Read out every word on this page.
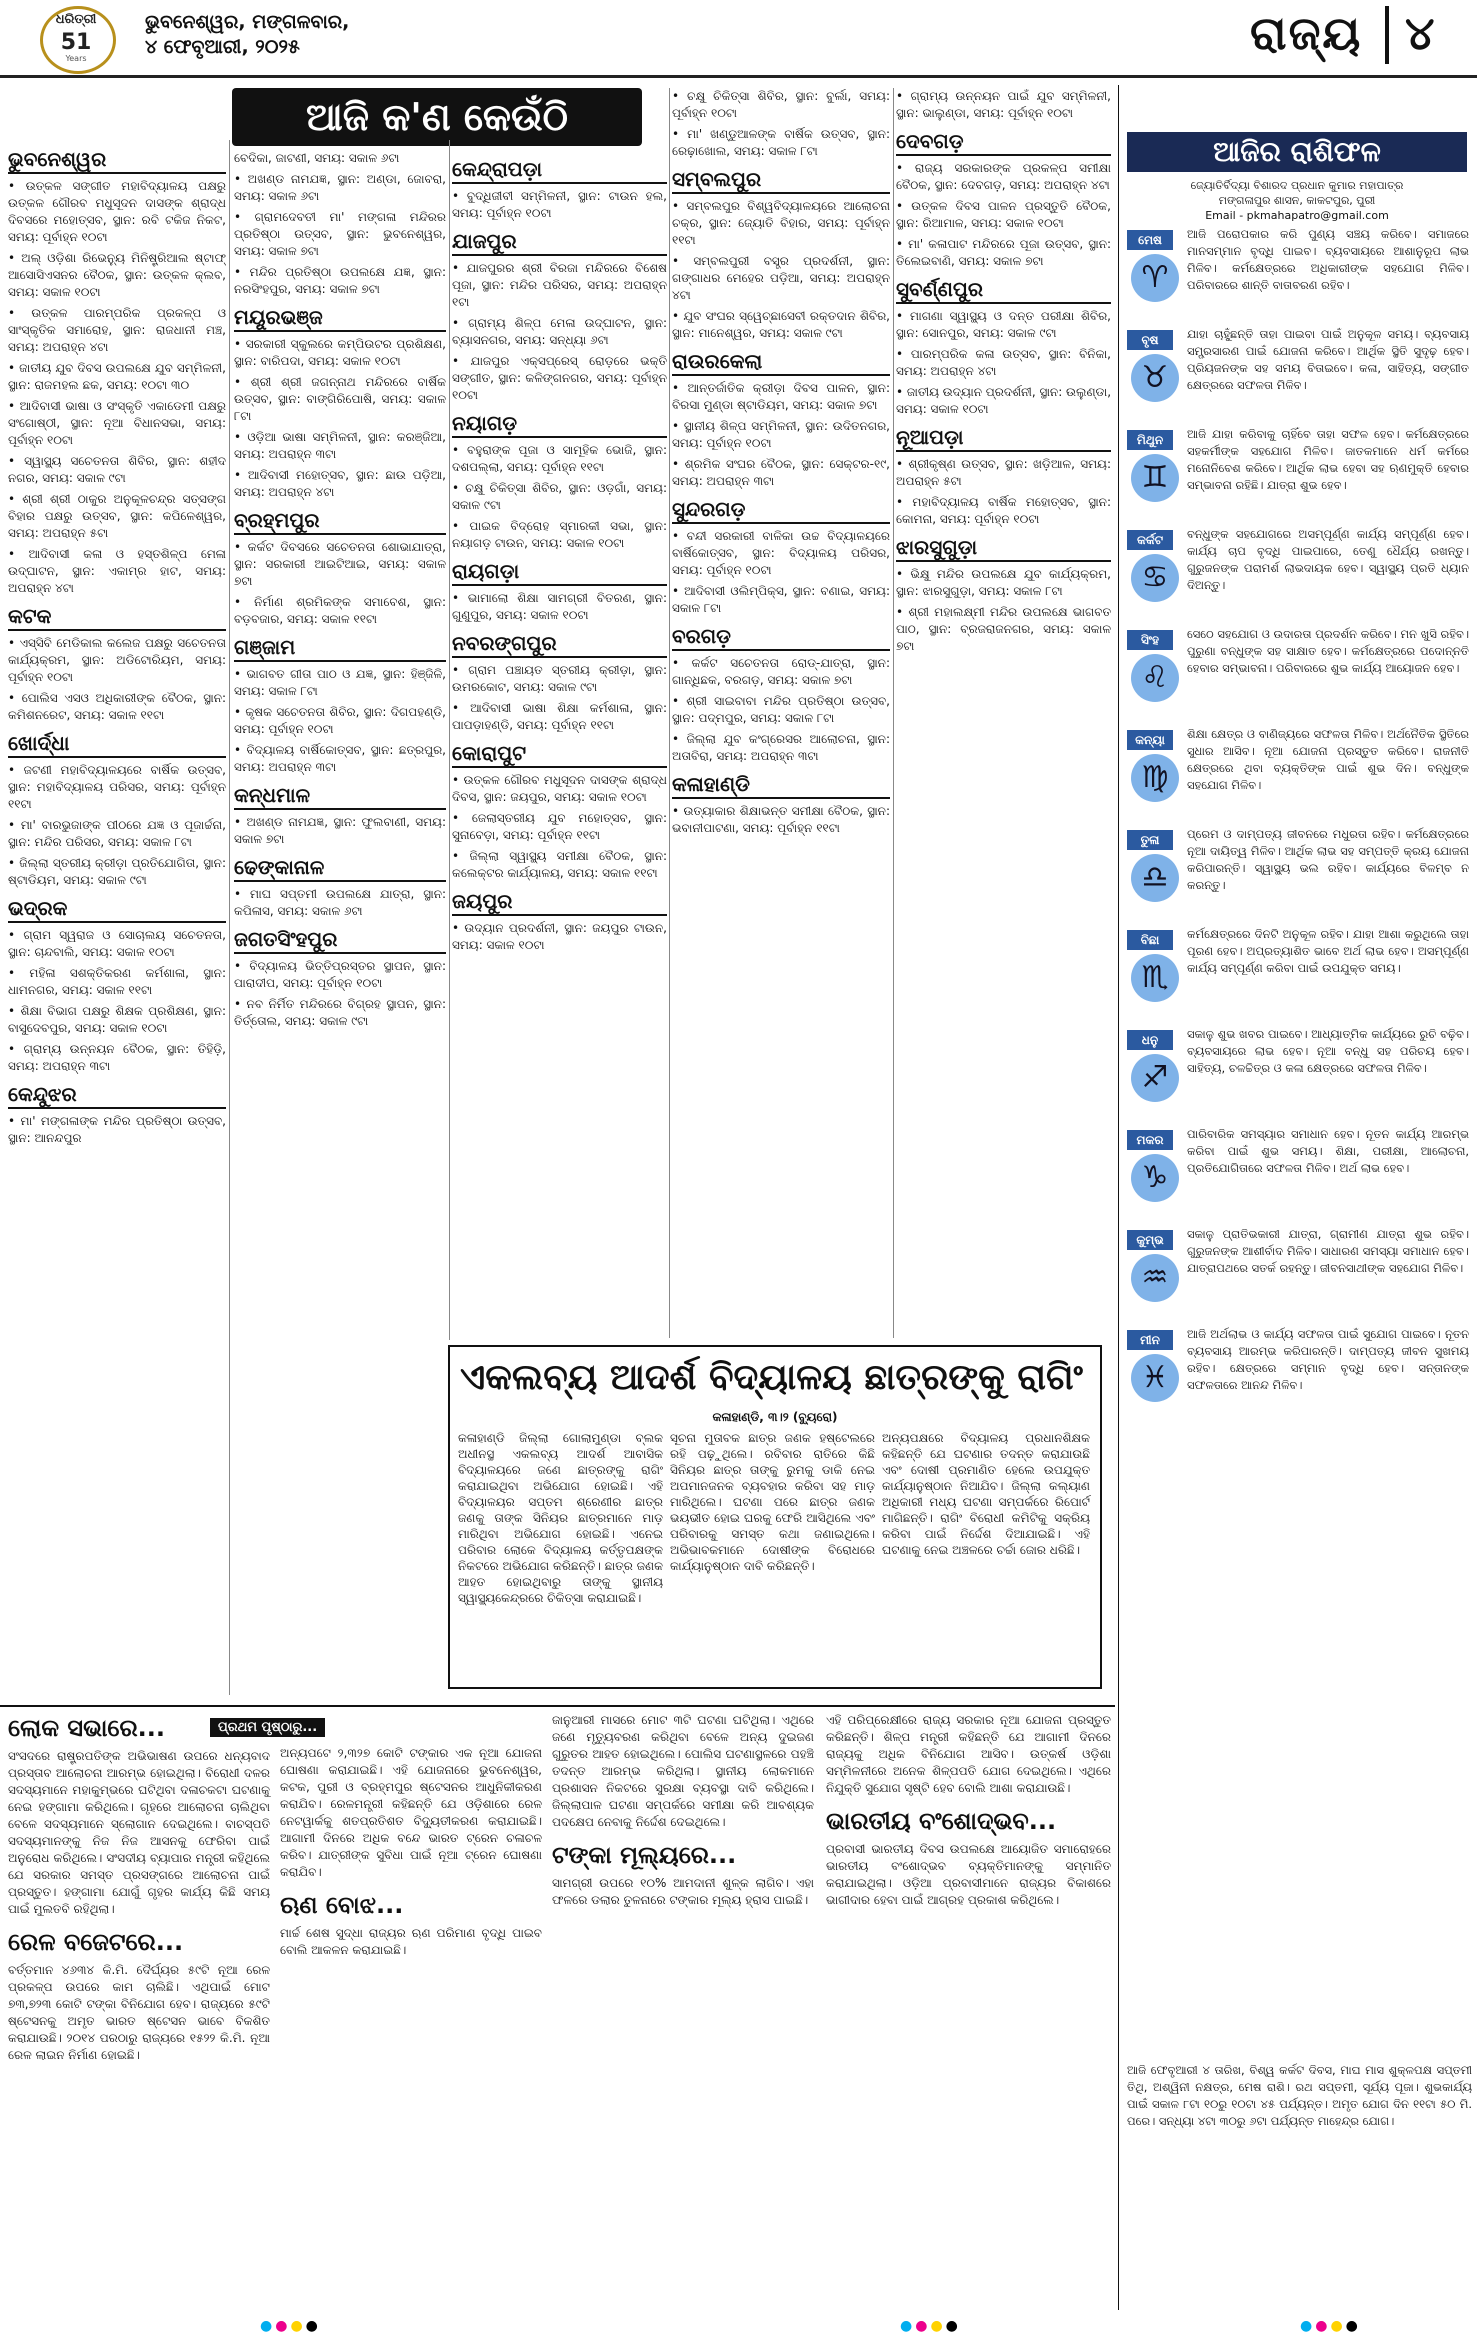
ଧରିତ୍ରୀ
51
Years
ଭୁବନେଶ୍ୱର, ମଙ୍ଗଳବାର,
୪ ଫେବୃଆରୀ, ୨୦୨୫	ରାଜ୍ୟ ୪
ଆଜି କ'ଣ କେଉଁଠି
ଭୁବନେଶ୍ୱର
• ଉତ୍କଳ ସଙ୍ଗୀତ ମହାବିଦ୍ୟାଳୟ ପକ୍ଷରୁ ଉତ୍କଳ ଗୌରବ ମଧୁସୂଦନ ଦାସଙ୍କ ଶ୍ରାଦ୍ଧ ଦିବସରେ ମହୋତ୍ସବ, ସ୍ଥାନ: ରବି ଟକିଜ ନିକଟ, ସମୟ: ପୂର୍ବାହ୍ନ ୧୦ଟା
• ଅଲ୍‌ ଓଡ଼ିଶା ରିଭେନ୍ୟୁ ମିନିଷ୍ଟ୍ରିଆଲ ଷ୍ଟାଫ୍‌ ଆସୋସିଏସନର ବୈଠକ, ସ୍ଥାନ: ଉତ୍କଳ କ୍ଲବ, ସମୟ: ସକାଳ ୧୦ଟା
• ଉତ୍କଳ ପାରମ୍ପରିକ ପ୍ରକଳ୍ପ ଓ ସାଂସ୍କୃତିକ ସମାରୋହ, ସ୍ଥାନ: ରାଜଧାନୀ ମଞ୍ଚ, ସମୟ: ଅପରାହ୍ନ ୪ଟା
• ଜାତୀୟ ଯୁବ ଦିବସ ଉପଲକ୍ଷେ ଯୁବ ସମ୍ମିଳନୀ, ସ୍ଥାନ: ରାଜମହଲ ଛକ, ସମୟ: ୧୦ଟା ୩୦
• ଆଦିବାସୀ ଭାଷା ଓ ସଂସ୍କୃତି ଏକାଡେମୀ ପକ୍ଷରୁ ସଂଗୋଷ୍ଠୀ, ସ୍ଥାନ: ନୂଆ ବିଧାନସଭା, ସମୟ: ପୂର୍ବାହ୍ନ ୧୦ଟା
• ସ୍ୱାସ୍ଥ୍ୟ ସଚେତନତା ଶିବିର, ସ୍ଥାନ: ଶହୀଦ ନଗର, ସମୟ: ସକାଳ ୯ଟା
• ଶ୍ରୀ ଶ୍ରୀ ଠାକୁର ଅନୁକୂଳଚନ୍ଦ୍ର ସତ୍ସଙ୍ଗ ବିହାର ପକ୍ଷରୁ ଉତ୍ସବ, ସ୍ଥାନ: କପିଳେଶ୍ୱର, ସମୟ: ଅପରାହ୍ନ ୫ଟା
• ଆଦିବାସୀ କଳା ଓ ହସ୍ତଶିଳ୍ପ ମେଳା ଉଦ୍‌ଘାଟନ, ସ୍ଥାନ: ଏକାମ୍ର ହାଟ, ସମୟ: ଅପରାହ୍ନ ୪ଟା
କଟକ
• ଏସ୍‌ସିବି ମେଡିକାଲ କଲେଜ ପକ୍ଷରୁ ସଚେତନତା କାର୍ଯ୍ୟକ୍ରମ, ସ୍ଥାନ: ଅଡିଟୋରିୟମ, ସମୟ: ପୂର୍ବାହ୍ନ ୧୦ଟା
• ପୋଲିସ ଏସଓ ଅଧିକାରୀଙ୍କ ବୈଠକ, ସ୍ଥାନ: କମିଶନରେଟ, ସମୟ: ସକାଳ ୧୧ଟା
ଖୋର୍ଦ୍ଧା
• ଜଟଣୀ ମହାବିଦ୍ୟାଳୟରେ ବାର୍ଷିକ ଉତ୍ସବ, ସ୍ଥାନ: ମହାବିଦ୍ୟାଳୟ ପରିସର, ସମୟ: ପୂର୍ବାହ୍ନ ୧୧ଟା
• ମା' ବାରଭୁଜାଙ୍କ ପୀଠରେ ଯଜ୍ଞ ଓ ପୂଜାର୍ଚ୍ଚନା, ସ୍ଥାନ: ମନ୍ଦିର ପରିସର, ସମୟ: ସକାଳ ୮ଟା
• ଜିଲ୍ଲା ସ୍ତରୀୟ କ୍ରୀଡ଼ା ପ୍ରତିଯୋଗିତା, ସ୍ଥାନ: ଷ୍ଟାଡିୟମ, ସମୟ: ସକାଳ ୯ଟା
ଭଦ୍ରକ
• ଗ୍ରାମ ସ୍ୱରାଜ ଓ ସୋଚାଲୟ ସଚେତନତା, ସ୍ଥାନ: ଚାନ୍ଦବାଲି, ସମୟ: ସକାଳ ୧୦ଟା
• ମହିଳା ସଶକ୍ତିକରଣ କର୍ମଶାଳା, ସ୍ଥାନ: ଧାମନଗର, ସମୟ: ସକାଳ ୧୧ଟା
• ଶିକ୍ଷା ବିଭାଗ ପକ୍ଷରୁ ଶିକ୍ଷକ ପ୍ରଶିକ୍ଷଣ, ସ୍ଥାନ: ବାସୁଦେବପୁର, ସମୟ: ସକାଳ ୧୦ଟା
• ଗ୍ରାମ୍ୟ ଉନ୍ନୟନ ବୈଠକ, ସ୍ଥାନ: ତିହିଡ଼ି, ସମୟ: ଅପରାହ୍ନ ୩ଟା
କେନ୍ଦୁଝର
• ମା' ମଙ୍ଗଳାଙ୍କ ମନ୍ଦିର ପ୍ରତିଷ୍ଠା ଉତ୍ସବ, ସ୍ଥାନ: ଆନନ୍ଦପୁର
ବେଦିକା, ଜାଟଣୀ, ସମୟ: ସକାଳ ୬ଟା
• ଅଖଣ୍ଡ ନାମଯଜ୍ଞ, ସ୍ଥାନ: ଅଣ୍ଡା, ଜୋବରା, ସମୟ: ସକାଳ ୬ଟା
• ଗ୍ରାମଦେବତୀ ମା' ମଙ୍ଗଳା ମନ୍ଦିରର ପ୍ରତିଷ୍ଠା ଉତ୍ସବ, ସ୍ଥାନ: ଭୁବନେଶ୍ୱର, ସମୟ: ସକାଳ ୭ଟା
• ମନ୍ଦିର ପ୍ରତିଷ୍ଠା ଉପଲକ୍ଷେ ଯଜ୍ଞ, ସ୍ଥାନ: ନରସିଂହପୁର, ସମୟ: ସକାଳ ୭ଟା
ମୟୂରଭଞ୍ଜ
• ସରକାରୀ ସ୍କୁଲରେ କମ୍ପିଉଟର ପ୍ରଶିକ୍ଷଣ, ସ୍ଥାନ: ବାରିପଦା, ସମୟ: ସକାଳ ୧୦ଟା
• ଶ୍ରୀ ଶ୍ରୀ ଜଗନ୍ନାଥ ମନ୍ଦିରରେ ବାର୍ଷିକ ଉତ୍ସବ, ସ୍ଥାନ: ବାଙ୍ଗିରିପୋଷି, ସମୟ: ସକାଳ ୮ଟା
• ଓଡ଼ିଆ ଭାଷା ସମ୍ମିଳନୀ, ସ୍ଥାନ: କରଞ୍ଜିଆ, ସମୟ: ଅପରାହ୍ନ ୩ଟା
• ଆଦିବାସୀ ମହୋତ୍ସବ, ସ୍ଥାନ: ଛାଉ ପଡ଼ିଆ, ସମୟ: ଅପରାହ୍ନ ୪ଟା
ବ୍ରହ୍ମପୁର
• କର୍କଟ ଦିବସରେ ସଚେତନତା ଶୋଭାଯାତ୍ରା, ସ୍ଥାନ: ସରକାରୀ ଆଇଟିଆଇ, ସମୟ: ସକାଳ ୭ଟା
• ନିର୍ମାଣ ଶ୍ରମିକଙ୍କ ସମାବେଶ, ସ୍ଥାନ: ବଡ଼ବଜାର, ସମୟ: ସକାଳ ୧୧ଟା
ଗଞ୍ଜାମ
• ଭାଗବତ ଗୀତା ପାଠ ଓ ଯଜ୍ଞ, ସ୍ଥାନ: ହିଞ୍ଜିଳି, ସମୟ: ସକାଳ ୮ଟା
• କୃଷକ ସଚେତନତା ଶିବିର, ସ୍ଥାନ: ଦିଗପହଣ୍ଡି, ସମୟ: ପୂର୍ବାହ୍ନ ୧୦ଟା
• ବିଦ୍ୟାଳୟ ବାର୍ଷିକୋତ୍ସବ, ସ୍ଥାନ: ଛତ୍ରପୁର, ସମୟ: ଅପରାହ୍ନ ୩ଟା
କନ୍ଧମାଳ
• ଅଖଣ୍ଡ ନାମଯଜ୍ଞ, ସ୍ଥାନ: ଫୁଲବାଣୀ, ସମୟ: ସକାଳ ୭ଟା
ଢେଙ୍କାନାଳ
• ମାଘ ସପ୍ତମୀ ଉପଲକ୍ଷେ ଯାତ୍ରା, ସ୍ଥାନ: କପିଳାସ, ସମୟ: ସକାଳ ୬ଟା
ଜଗତସିଂହପୁର
• ବିଦ୍ୟାଳୟ ଭିତ୍ତିପ୍ରସ୍ତର ସ୍ଥାପନ, ସ୍ଥାନ: ପାରାଦୀପ, ସମୟ: ପୂର୍ବାହ୍ନ ୧୦ଟା
• ନବ ନିର୍ମିତ ମନ୍ଦିରରେ ବିଗ୍ରହ ସ୍ଥାପନ, ସ୍ଥାନ: ତିର୍ତ୍ତୋଲ, ସମୟ: ସକାଳ ୯ଟା
କେନ୍ଦ୍ରାପଡ଼ା
• ବୁଦ୍ଧିଜୀବୀ ସମ୍ମିଳନୀ, ସ୍ଥାନ: ଟାଉନ ହଲ, ସମୟ: ପୂର୍ବାହ୍ନ ୧୦ଟା
ଯାଜପୁର
• ଯାଜପୁରର ଶ୍ରୀ ବିରଜା ମନ୍ଦିରରେ ବିଶେଷ ପୂଜା, ସ୍ଥାନ: ମନ୍ଦିର ପରିସର, ସମୟ: ଅପରାହ୍ନ ୧ଟା
• ଗ୍ରାମ୍ୟ ଶିଳ୍ପ ମେଳା ଉଦ୍‌ଘାଟନ, ସ୍ଥାନ: ବ୍ୟାସନଗର, ସମୟ: ସନ୍ଧ୍ୟା ୬ଟା
• ଯାଜପୁର ଏକ୍ସପ୍ରେସ୍‌ ରୋଡ଼ରେ ଭକ୍ତି ସଙ୍ଗୀତ, ସ୍ଥାନ: କଳିଙ୍ଗନଗର, ସମୟ: ପୂର୍ବାହ୍ନ ୧୦ଟା
ନୟାଗଡ଼
• ବହୁରାଙ୍କ ପୂଜା ଓ ସାମୂହିକ ଭୋଜି, ସ୍ଥାନ: ଦଶପଲ୍ଲା, ସମୟ: ପୂର୍ବାହ୍ନ ୧୧ଟା
• ଚକ୍ଷୁ ଚିକିତ୍ସା ଶିବିର, ସ୍ଥାନ: ଓଡ଼ଗାଁ, ସମୟ: ସକାଳ ୯ଟା
• ପାଇକ ବିଦ୍ରୋହ ସ୍ମାରକୀ ସଭା, ସ୍ଥାନ: ନୟାଗଡ଼ ଟାଉନ, ସମୟ: ସକାଳ ୧୦ଟା
ରାୟଗଡ଼ା
• ଭାମାଲୋ ଶିକ୍ଷା ସାମଗ୍ରୀ ବିତରଣ, ସ୍ଥାନ: ଗୁଣୁପୁର, ସମୟ: ସକାଳ ୧୦ଟା
ନବରଙ୍ଗପୁର
• ଗ୍ରାମ ପଞ୍ଚାୟତ ସ୍ତରୀୟ କ୍ରୀଡ଼ା, ସ୍ଥାନ: ଉମରକୋଟ, ସମୟ: ସକାଳ ୯ଟା
• ଆଦିବାସୀ ଭାଷା ଶିକ୍ଷା କର୍ମଶାଳା, ସ୍ଥାନ: ପାପଡ଼ାହଣ୍ଡି, ସମୟ: ପୂର୍ବାହ୍ନ ୧୧ଟା
କୋରାପୁଟ
• ଉତ୍କଳ ଗୌରବ ମଧୁସୂଦନ ଦାସଙ୍କ ଶ୍ରାଦ୍ଧ ଦିବସ, ସ୍ଥାନ: ଜୟପୁର, ସମୟ: ସକାଳ ୧୦ଟା
• ଜେଲାସ୍ତରୀୟ ଯୁବ ମହୋତ୍ସବ, ସ୍ଥାନ: ସୁନାବେଡ଼ା, ସମୟ: ପୂର୍ବାହ୍ନ ୧୧ଟା
• ଜିଲ୍ଲା ସ୍ୱାସ୍ଥ୍ୟ ସମୀକ୍ଷା ବୈଠକ, ସ୍ଥାନ: କଲେକ୍ଟର କାର୍ଯ୍ୟାଳୟ, ସମୟ: ସକାଳ ୧୧ଟା
ଜୟପୁର
• ଉଦ୍ୟାନ ପ୍ରଦର୍ଶନୀ, ସ୍ଥାନ: ଜୟପୁର ଟାଉନ, ସମୟ: ସକାଳ ୧୦ଟା
• ଚକ୍ଷୁ ଚିକିତ୍ସା ଶିବିର, ସ୍ଥାନ: ବୁର୍ଲା, ସମୟ: ପୂର୍ବାହ୍ନ ୧୦ଟା
• ମା' ଖଣ୍ଡୁଆଳଙ୍କ ବାର୍ଷିକ ଉତ୍ସବ, ସ୍ଥାନ: ରେଢ଼ାଖୋଲ, ସମୟ: ସକାଳ ୮ଟା
ସମ୍ବଲପୁର
• ସମ୍ବଲପୁର ବିଶ୍ୱବିଦ୍ୟାଳୟରେ ଆଲୋଚନା ଚକ୍ର, ସ୍ଥାନ: ଜ୍ୟୋତି ବିହାର, ସମୟ: ପୂର୍ବାହ୍ନ ୧୧ଟା
• ସମ୍ବଲପୁରୀ ବସ୍ତ୍ର ପ୍ରଦର୍ଶନୀ, ସ୍ଥାନ: ଗଙ୍ଗାଧର ମେହେର ପଡ଼ିଆ, ସମୟ: ଅପରାହ୍ନ ୪ଟା
• ଯୁବ ସଂଘର ସ୍ୱେଚ୍ଛାସେବୀ ରକ୍ତଦାନ ଶିବିର, ସ୍ଥାନ: ମାନେଶ୍ୱର, ସମୟ: ସକାଳ ୯ଟା
ରାଉରକେଲା
• ଆନ୍ତର୍ଜାତିକ କ୍ରୀଡ଼ା ଦିବସ ପାଳନ, ସ୍ଥାନ: ବିରସା ମୁଣ୍ଡା ଷ୍ଟାଡିୟମ, ସମୟ: ସକାଳ ୭ଟା
• ସ୍ଥାନୀୟ ଶିଳ୍ପ ସମ୍ମିଳନୀ, ସ୍ଥାନ: ଉଦିତନଗର, ସମୟ: ପୂର୍ବାହ୍ନ ୧୦ଟା
• ଶ୍ରମିକ ସଂଘର ବୈଠକ, ସ୍ଥାନ: ସେକ୍ଟର-୧୯, ସମୟ: ଅପରାହ୍ନ ୩ଟା
ସୁନ୍ଦରଗଡ଼
• ବନ୍ଦୀ ସରକାରୀ ବାଳିକା ଉଚ୍ଚ ବିଦ୍ୟାଳୟରେ ବାର୍ଷିକୋତ୍ସବ, ସ୍ଥାନ: ବିଦ୍ୟାଳୟ ପରିସର, ସମୟ: ପୂର୍ବାହ୍ନ ୧୦ଟା
• ଆଦିବାସୀ ଓଲିମ୍ପିକ୍ସ, ସ୍ଥାନ: ବଣାଇ, ସମୟ: ସକାଳ ୮ଟା
ବରଗଡ଼
• କର୍କଟ ସଚେତନତା ରୋଡ୍‌-ଯାତ୍ରା, ସ୍ଥାନ: ଗାନ୍ଧିଛକ, ବରଗଡ଼, ସମୟ: ସକାଳ ୭ଟା
• ଶ୍ରୀ ସାଇବାବା ମନ୍ଦିର ପ୍ରତିଷ୍ଠା ଉତ୍ସବ, ସ୍ଥାନ: ପଦ୍ମପୁର, ସମୟ: ସକାଳ ୮ଟା
• ଜିଲ୍ଲା ଯୁବ କଂଗ୍ରେସର ଆଲୋଚନା, ସ୍ଥାନ: ଅତାବିରା, ସମୟ: ଅପରାହ୍ନ ୩ଟା
କଳାହାଣ୍ଡି
• ଉତ୍ୟାକାର ଶିକ୍ଷାଭନ୍ତ ସମୀକ୍ଷା ବୈଠକ, ସ୍ଥାନ: ଭବାନୀପାଟଣା, ସମୟ: ପୂର୍ବାହ୍ନ ୧୧ଟା
• ଗ୍ରାମ୍ୟ ଉନ୍ନୟନ ପାଇଁ ଯୁବ ସମ୍ମିଳନୀ, ସ୍ଥାନ: ଭାଲୁଣ୍ଡା, ସମୟ: ପୂର୍ବାହ୍ନ ୧୦ଟା
ଦେବଗଡ଼
• ରାଜ୍ୟ ସରକାରଙ୍କ ପ୍ରକଳ୍ପ ସମୀକ୍ଷା ବୈଠକ, ସ୍ଥାନ: ଦେବଗଡ଼, ସମୟ: ଅପରାହ୍ନ ୪ଟା
• ଉତ୍କଳ ଦିବସ ପାଳନ ପ୍ରସ୍ତୁତି ବୈଠକ, ସ୍ଥାନ: ରିଆମାଳ, ସମୟ: ସକାଳ ୧୦ଟା
• ମା' କଳାପାଟ ମନ୍ଦିରରେ ପୂଜା ଉତ୍ସବ, ସ୍ଥାନ: ତିଲେଇବାଣି, ସମୟ: ସକାଳ ୭ଟା
ସୁବର୍ଣ୍ଣପୁର
• ମାଗଣା ସ୍ୱାସ୍ଥ୍ୟ ଓ ଦନ୍ତ ପରୀକ୍ଷା ଶିବିର, ସ୍ଥାନ: ସୋନପୁର, ସମୟ: ସକାଳ ୯ଟା
• ପାରମ୍ପରିକ କଳା ଉତ୍ସବ, ସ୍ଥାନ: ବିନିକା, ସମୟ: ଅପରାହ୍ନ ୪ଟା
• ଜାତୀୟ ଉଦ୍ୟାନ ପ୍ରଦର୍ଶନୀ, ସ୍ଥାନ: ଉଲୁଣ୍ଡା, ସମୟ: ସକାଳ ୧୦ଟା
ନୂଆପଡ଼ା
• ଶ୍ରୀକୃଷ୍ଣ ଉତ୍ସବ, ସ୍ଥାନ: ଖଡ଼ିଆଳ, ସମୟ: ଅପରାହ୍ନ ୫ଟା
• ମହାବିଦ୍ୟାଳୟ ବାର୍ଷିକ ମହୋତ୍ସବ, ସ୍ଥାନ: କୋମନା, ସମୟ: ପୂର୍ବାହ୍ନ ୧୦ଟା
ଝାରସୁଗୁଡ଼ା
• ଭିକ୍ଷୁ ମନ୍ଦିର ଉପଲକ୍ଷେ ଯୁବ କାର୍ଯ୍ୟକ୍ରମ, ସ୍ଥାନ: ଝାରସୁଗୁଡ଼ା, ସମୟ: ସକାଳ ୮ଟା
• ଶ୍ରୀ ମହାଲକ୍ଷ୍ମୀ ମନ୍ଦିର ଉପଲକ୍ଷେ ଭାଗବତ ପାଠ, ସ୍ଥାନ: ବ୍ରଜରାଜନଗର, ସମୟ: ସକାଳ ୭ଟା
ଏକଲବ୍ୟ ଆଦର୍ଶ ବିଦ୍ୟାଳୟ ଛାତ୍ରଙ୍କୁ ରାଗିଂ
କଳାହାଣ୍ଡି, ୩।୨ (ବ୍ୟୁରୋ)
କଳାହାଣ୍ଡି ଜିଲ୍ଲା ଗୋଲାମୁଣ୍ଡା ବ୍ଲକ ଅଧୀନସ୍ଥ ଏକଲବ୍ୟ ଆଦର୍ଶ ଆବାସିକ ବିଦ୍ୟାଳୟରେ ଜଣେ ଛାତ୍ରଙ୍କୁ ରାଗିଂ କରାଯାଇଥିବା ଅଭିଯୋଗ ହୋଇଛି। ଏହି ବିଦ୍ୟାଳୟର ସପ୍ତମ ଶ୍ରେଣୀର ଛାତ୍ର ଜଣକୁ ତାଙ୍କ ସିନିୟର ଛାତ୍ରମାନେ ମାଡ଼ ମାରିଥିବା ଅଭିଯୋଗ ହୋଇଛି। ଏନେଇ ପରିବାର ଲୋକେ ବିଦ୍ୟାଳୟ କର୍ତ୍ତୃପକ୍ଷଙ୍କ ନିକଟରେ ଅଭିଯୋଗ କରିଛନ୍ତି। ଛାତ୍ର ଜଣକ ଆହତ ହୋଇଥିବାରୁ ତାଙ୍କୁ ସ୍ଥାନୀୟ ସ୍ୱାସ୍ଥ୍ୟକେନ୍ଦ୍ରରେ ଚିକିତ୍ସା କରାଯାଇଛି।
ସୂଚନା ମୁତାବକ ଛାତ୍ର ଜଣକ ହଷ୍ଟେଲରେ ରହି ପଢ଼ୁଥିଲେ। ରବିବାର ରାତିରେ କିଛି ସିନିୟର ଛାତ୍ର ତାଙ୍କୁ ରୁମକୁ ଡାକି ନେଇ ଅପମାନଜନକ ବ୍ୟବହାର କରିବା ସହ ମାଡ଼ ମାରିଥିଲେ। ଘଟଣା ପରେ ଛାତ୍ର ଜଣକ ଭୟଭୀତ ହୋଇ ଘରକୁ ଫେରି ଆସିଥିଲେ ଏବଂ ପରିବାରକୁ ସମସ୍ତ କଥା ଜଣାଇଥିଲେ। ଅଭିଭାବକମାନେ ଦୋଷୀଙ୍କ ବିରୋଧରେ କାର୍ଯ୍ୟାନୁଷ୍ଠାନ ଦାବି କରିଛନ୍ତି।
ଅନ୍ୟପକ୍ଷରେ ବିଦ୍ୟାଳୟ ପ୍ରଧାନଶିକ୍ଷକ କହିଛନ୍ତି ଯେ ଘଟଣାର ତଦନ୍ତ କରାଯାଉଛି ଏବଂ ଦୋଷୀ ପ୍ରମାଣିତ ହେଲେ ଉପଯୁକ୍ତ କାର୍ଯ୍ୟାନୁଷ୍ଠାନ ନିଆଯିବ। ଜିଲ୍ଲା କଲ୍ୟାଣ ଅଧିକାରୀ ମଧ୍ୟ ଘଟଣା ସମ୍ପର୍କରେ ରିପୋର୍ଟ ମାଗିଛନ୍ତି। ରାଗିଂ ବିରୋଧୀ କମିଟିକୁ ସକ୍ରିୟ କରିବା ପାଇଁ ନିର୍ଦ୍ଦେଶ ଦିଆଯାଇଛି। ଏହି ଘଟଣାକୁ ନେଇ ଅଞ୍ଚଳରେ ଚର୍ଚ୍ଚା ଜୋର ଧରିଛି।
ଆଜିର ରାଶିଫଳ
ଜ୍ୟୋତିର୍ବିଦ୍ୟା ବିଶାରଦ ପ୍ରଧାନ କୁମାର ମହାପାତ୍ର
ମଙ୍ଗଳାପୁର ଶାସନ, କାକଟପୁର, ପୁରୀ
Email - pkmahapatro@gmail.com
ମେଷ
♈
ଆଜି ପରୋପକାର କରି ପୁଣ୍ୟ ସଞ୍ଚୟ କରିବେ। ସମାଜରେ ମାନସମ୍ମାନ ବୃଦ୍ଧି ପାଇବ। ବ୍ୟବସାୟରେ ଆଶାନୁରୂପ ଲାଭ ମିଳିବ। କର୍ମକ୍ଷେତ୍ରରେ ଅଧିକାରୀଙ୍କ ସହଯୋଗ ମିଳିବ। ପରିବାରରେ ଶାନ୍ତି ବାତାବରଣ ରହିବ।
ବୃଷ
♉
ଯାହା ଚାହୁଁଛନ୍ତି ତାହା ପାଇବା ପାଇଁ ଅନୁକୂଳ ସମୟ। ବ୍ୟବସାୟ ସମ୍ପ୍ରସାରଣ ପାଇଁ ଯୋଜନା କରିବେ। ଆର୍ଥିକ ସ୍ଥିତି ସୁଦୃଢ଼ ହେବ। ପ୍ରିୟଜନଙ୍କ ସହ ସମୟ ବିତାଇବେ। କଳା, ସାହିତ୍ୟ, ସଙ୍ଗୀତ କ୍ଷେତ୍ରରେ ସଫଳତା ମିଳିବ।
ମିଥୁନ
♊
ଆଜି ଯାହା କରିବାକୁ ଚାହିଁବେ ତାହା ସଫଳ ହେବ। କର୍ମକ୍ଷେତ୍ରରେ ସହକର୍ମୀଙ୍କ ସହଯୋଗ ମିଳିବ। ଜାତକମାନେ ଧର୍ମ କର୍ମରେ ମନୋନିବେଶ କରିବେ। ଆର୍ଥିକ ଲାଭ ହେବା ସହ ଋଣମୁକ୍ତି ହେବାର ସମ୍ଭାବନା ରହିଛି। ଯାତ୍ରା ଶୁଭ ହେବ।
କର୍କଟ
♋
ବନ୍ଧୁଙ୍କ ସହଯୋଗରେ ଅସମ୍ପୂର୍ଣ୍ଣ କାର୍ଯ୍ୟ ସମ୍ପୂର୍ଣ୍ଣ ହେବ। କାର୍ଯ୍ୟ ଚାପ ବୃଦ୍ଧି ପାଇପାରେ, ତେଣୁ ଧୈର୍ଯ୍ୟ ରଖନ୍ତୁ। ଗୁରୁଜନଙ୍କ ପରାମର୍ଶ ଲାଭଦାୟକ ହେବ। ସ୍ୱାସ୍ଥ୍ୟ ପ୍ରତି ଧ୍ୟାନ ଦିଅନ୍ତୁ।
ସିଂହ
♌
ସେଠେ ସହଯୋଗ ଓ ଉଦାରତା ପ୍ରଦର୍ଶନ କରିବେ। ମନ ଖୁସି ରହିବ। ପୁରୁଣା ବନ୍ଧୁଙ୍କ ସହ ସାକ୍ଷାତ ହେବ। କର୍ମକ୍ଷେତ୍ରରେ ପଦୋନ୍ନତି ହେବାର ସମ୍ଭାବନା। ପରିବାରରେ ଶୁଭ କାର୍ଯ୍ୟ ଆୟୋଜନ ହେବ।
କନ୍ୟା
♍
ଶିକ୍ଷା କ୍ଷେତ୍ର ଓ ବାଣିଜ୍ୟରେ ସଫଳତା ମିଳିବ। ଅର୍ଥନୈତିକ ସ୍ଥିତିରେ ସୁଧାର ଆସିବ। ନୂଆ ଯୋଜନା ପ୍ରସ୍ତୁତ କରିବେ। ରାଜନୀତି କ୍ଷେତ୍ରରେ ଥିବା ବ୍ୟକ୍ତିଙ୍କ ପାଇଁ ଶୁଭ ଦିନ। ବନ୍ଧୁଙ୍କ ସହଯୋଗ ମିଳିବ।
ତୁଳା
♎
ପ୍ରେମ ଓ ଦାମ୍ପତ୍ୟ ଜୀବନରେ ମଧୁରତା ରହିବ। କର୍ମକ୍ଷେତ୍ରରେ ନୂଆ ଦାୟିତ୍ୱ ମିଳିବ। ଆର୍ଥିକ ଲାଭ ସହ ସମ୍ପତ୍ତି କ୍ରୟ ଯୋଜନା କରିପାରନ୍ତି। ସ୍ୱାସ୍ଥ୍ୟ ଭଲ ରହିବ। କାର୍ଯ୍ୟରେ ବିଳମ୍ବ ନ କରନ୍ତୁ।
ବିଛା
♏
କର୍ମକ୍ଷେତ୍ରରେ ଦିନଟି ଅନୁକୂଳ ରହିବ। ଯାହା ଆଶା କରୁଥିଲେ ତାହା ପୂରଣ ହେବ। ଅପ୍ରତ୍ୟାଶିତ ଭାବେ ଅର୍ଥ ଲାଭ ହେବ। ଅସମ୍ପୂର୍ଣ୍ଣ କାର୍ଯ୍ୟ ସମ୍ପୂର୍ଣ୍ଣ କରିବା ପାଇଁ ଉପଯୁକ୍ତ ସମୟ।
ଧନୁ
♐
ସକାଳୁ ଶୁଭ ଖବର ପାଇବେ। ଆଧ୍ୟାତ୍ମିକ କାର୍ଯ୍ୟରେ ରୁଚି ବଢ଼ିବ। ବ୍ୟବସାୟରେ ଲାଭ ହେବ। ନୂଆ ବନ୍ଧୁ ସହ ପରିଚୟ ହେବ। ସାହିତ୍ୟ, ଚଳଚ୍ଚିତ୍ର ଓ କଳା କ୍ଷେତ୍ରରେ ସଫଳତା ମିଳିବ।
ମକର
♑
ପାରିବାରିକ ସମସ୍ୟାର ସମାଧାନ ହେବ। ନୂତନ କାର୍ଯ୍ୟ ଆରମ୍ଭ କରିବା ପାଇଁ ଶୁଭ ସମୟ। ଶିକ୍ଷା, ପରୀକ୍ଷା, ଆଲୋଚନା, ପ୍ରତିଯୋଗିତାରେ ସଫଳତା ମିଳିବ। ଅର୍ଥ ଲାଭ ହେବ।
କୁମ୍ଭ
♒
ସକାଳୁ ପ୍ରାତିଭକାରୀ ଯାତ୍ରା, ଗ୍ରାମୀଣ ଯାତ୍ରା ଶୁଭ ରହିବ। ଗୁରୁଜନଙ୍କ ଆଶୀର୍ବାଦ ମିଳିବ। ସାଧାରଣ ସମସ୍ୟା ସମାଧାନ ହେବ। ଯାତ୍ରାପଥରେ ସତର୍କ ରହନ୍ତୁ। ଜୀବନସାଥୀଙ୍କ ସହଯୋଗ ମିଳିବ।
ମୀନ
♓
ଆଜି ଅର୍ଥଲାଭ ଓ କାର୍ଯ୍ୟ ସଫଳତା ପାଇଁ ସୁଯୋଗ ପାଇବେ। ନୂତନ ବ୍ୟବସାୟ ଆରମ୍ଭ କରିପାରନ୍ତି। ଦାମ୍ପତ୍ୟ ଜୀବନ ସୁଖମୟ ରହିବ। କ୍ଷେତ୍ରରେ ସମ୍ମାନ ବୃଦ୍ଧି ହେବ। ସନ୍ତାନଙ୍କ ସଫଳତାରେ ଆନନ୍ଦ ମିଳିବ।
ଆଜି ଫେବୃଆରୀ ୪ ତାରିଖ, ବିଶ୍ୱ କର୍କଟ ଦିବସ, ମାଘ ମାସ ଶୁକ୍ଳପକ୍ଷ ସପ୍ତମୀ ତିଥି, ଅଶ୍ୱିନୀ ନକ୍ଷତ୍ର, ମେଷ ରାଶି। ରଥ ସପ୍ତମୀ, ସୂର୍ଯ୍ୟ ପୂଜା। ଶୁଭକାର୍ଯ୍ୟ ପାଇଁ ସକାଳ ୮ଟା ୧୦ରୁ ୧୦ଟା ୪୫ ପର୍ଯ୍ୟନ୍ତ। ଅମୃତ ଯୋଗ ଦିନ ୧୧ଟା ୫୦ ମି. ପରେ। ସନ୍ଧ୍ୟା ୪ଟା ୩୦ରୁ ୬ଟା ପର୍ଯ୍ୟନ୍ତ ମାହେନ୍ଦ୍ର ଯୋଗ।
ପ୍ରଥମ ପୃଷ୍ଠାରୁ...
ଲୋକ ସଭାରେ...
ସଂସଦରେ ରାଷ୍ଟ୍ରପତିଙ୍କ ଅଭିଭାଷଣ ଉପରେ ଧନ୍ୟବାଦ ପ୍ରସ୍ତାବ ଆଲୋଚନା ଆରମ୍ଭ ହୋଇଥିଲା। ବିରୋଧୀ ଦଳର ସଦସ୍ୟମାନେ ମହାକୁମ୍ଭରେ ଘଟିଥିବା ଦଳାଚକଟା ଘଟଣାକୁ ନେଇ ହଙ୍ଗାମା କରିଥିଲେ। ଗୃହରେ ଆଲୋଚନା ଚାଲିଥିବା ବେଳେ ସଦସ୍ୟମାନେ ସ୍ଲୋଗାନ ଦେଇଥିଲେ। ବାଚସ୍ପତି ସଦସ୍ୟମାନଙ୍କୁ ନିଜ ନିଜ ଆସନକୁ ଫେରିବା ପାଇଁ ଅନୁରୋଧ କରିଥିଲେ। ସଂସଦୀୟ ବ୍ୟାପାର ମନ୍ତ୍ରୀ କହିଥିଲେ ଯେ ସରକାର ସମସ୍ତ ପ୍ରସଙ୍ଗରେ ଆଲୋଚନା ପାଇଁ ପ୍ରସ୍ତୁତ। ହଙ୍ଗାମା ଯୋଗୁଁ ଗୃହର କାର୍ଯ୍ୟ କିଛି ସମୟ ପାଇଁ ମୁଲତବି ରହିଥିଲା।
ରେଳ ବଜେଟରେ...
ବର୍ତ୍ତମାନ ୪୬୩୪ କି.ମି. ଦୈର୍ଘ୍ୟର ୫୯ଟି ନୂଆ ରେଳ ପ୍ରକଳ୍ପ ଉପରେ କାମ ଚାଲିଛି। ଏଥିପାଇଁ ମୋଟ ୭୩,୭୨୩ କୋଟି ଟଙ୍କା ବିନିଯୋଗ ହେବ। ରାଜ୍ୟରେ ୫୯ଟି ଷ୍ଟେସନକୁ ଅମୃତ ଭାରତ ଷ୍ଟେସନ ଭାବେ ବିକଶିତ କରାଯାଉଛି। ୨୦୧୪ ପରଠାରୁ ରାଜ୍ୟରେ ୧୫୨୨ କି.ମି. ନୂଆ ରେଳ ଲାଇନ ନିର୍ମାଣ ହୋଇଛି।
ଅନ୍ୟପଟେ ୨,୩୨୭ କୋଟି ଟଙ୍କାର ଏକ ନୂଆ ଯୋଜନା ଘୋଷଣା କରାଯାଇଛି। ଏହି ଯୋଜନାରେ ଭୁବନେଶ୍ୱର, କଟକ, ପୁରୀ ଓ ବ୍ରହ୍ମପୁର ଷ୍ଟେସନର ଆଧୁନିକୀକରଣ କରାଯିବ। ରେଳମନ୍ତ୍ରୀ କହିଛନ୍ତି ଯେ ଓଡ଼ିଶାରେ ରେଳ ନେଟୱାର୍କକୁ ଶତପ୍ରତିଶତ ବିଦ୍ୟୁତୀକରଣ କରାଯାଇଛି। ଆଗାମୀ ଦିନରେ ଅଧିକ ବନ୍ଦେ ଭାରତ ଟ୍ରେନ ଚଳାଚଳ କରିବ। ଯାତ୍ରୀଙ୍କ ସୁବିଧା ପାଇଁ ନୂଆ ଟ୍ରେନ ଘୋଷଣା କରାଯିବ।
ଋଣ ବୋଝ...
ମାର୍ଚ୍ଚ ଶେଷ ସୁଦ୍ଧା ରାଜ୍ୟର ଋଣ ପରିମାଣ ବୃଦ୍ଧି ପାଇବ ବୋଲି ଆକଳନ କରାଯାଇଛି।
ଜାନୁଆରୀ ମାସରେ ମୋଟ ୩ଟି ଘଟଣା ଘଟିଥିଲା। ଏଥିରେ ଜଣେ ମୃତ୍ୟୁବରଣ କରିଥିବା ବେଳେ ଅନ୍ୟ ଦୁଇଜଣ ଗୁରୁତର ଆହତ ହୋଇଥିଲେ। ପୋଲିସ ଘଟଣାସ୍ଥଳରେ ପହଞ୍ଚି ତଦନ୍ତ ଆରମ୍ଭ କରିଥିଲା। ସ୍ଥାନୀୟ ଲୋକମାନେ ପ୍ରଶାସନ ନିକଟରେ ସୁରକ୍ଷା ବ୍ୟବସ୍ଥା ଦାବି କରିଥିଲେ। ଜିଲ୍ଲାପାଳ ଘଟଣା ସମ୍ପର୍କରେ ସମୀକ୍ଷା କରି ଆବଶ୍ୟକ ପଦକ୍ଷେପ ନେବାକୁ ନିର୍ଦ୍ଦେଶ ଦେଇଥିଲେ।
ଟଙ୍କା ମୂଲ୍ୟରେ...
ସାମଗ୍ରୀ ଉପରେ ୧୦% ଆମଦାନୀ ଶୁଳ୍କ ଲାଗିବ। ଏହା ଫଳରେ ଡଲାର ତୁଳନାରେ ଟଙ୍କାର ମୂଲ୍ୟ ହ୍ରାସ ପାଇଛି।
ଏହି ପରିପ୍ରେକ୍ଷୀରେ ରାଜ୍ୟ ସରକାର ନୂଆ ଯୋଜନା ପ୍ରସ୍ତୁତ କରିଛନ୍ତି। ଶିଳ୍ପ ମନ୍ତ୍ରୀ କହିଛନ୍ତି ଯେ ଆଗାମୀ ଦିନରେ ରାଜ୍ୟକୁ ଅଧିକ ବିନିଯୋଗ ଆସିବ। ଉତ୍କର୍ଷ ଓଡ଼ିଶା ସମ୍ମିଳନୀରେ ଅନେକ ଶିଳ୍ପପତି ଯୋଗ ଦେଇଥିଲେ। ଏଥିରେ ନିଯୁକ୍ତି ସୁଯୋଗ ସୃଷ୍ଟି ହେବ ବୋଲି ଆଶା କରାଯାଉଛି।
ଭାରତୀୟ ବଂଶୋଦ୍ଭବ...
ପ୍ରବାସୀ ଭାରତୀୟ ଦିବସ ଉପଲକ୍ଷେ ଆୟୋଜିତ ସମାରୋହରେ ଭାରତୀୟ ବଂଶୋଦ୍ଭବ ବ୍ୟକ୍ତିମାନଙ୍କୁ ସମ୍ମାନିତ କରାଯାଇଥିଲା। ଓଡ଼ିଆ ପ୍ରବାସୀମାନେ ରାଜ୍ୟର ବିକାଶରେ ଭାଗୀଦାର ହେବା ପାଇଁ ଆଗ୍ରହ ପ୍ରକାଶ କରିଥିଲେ।
●●●●	●●●●	●●●●
